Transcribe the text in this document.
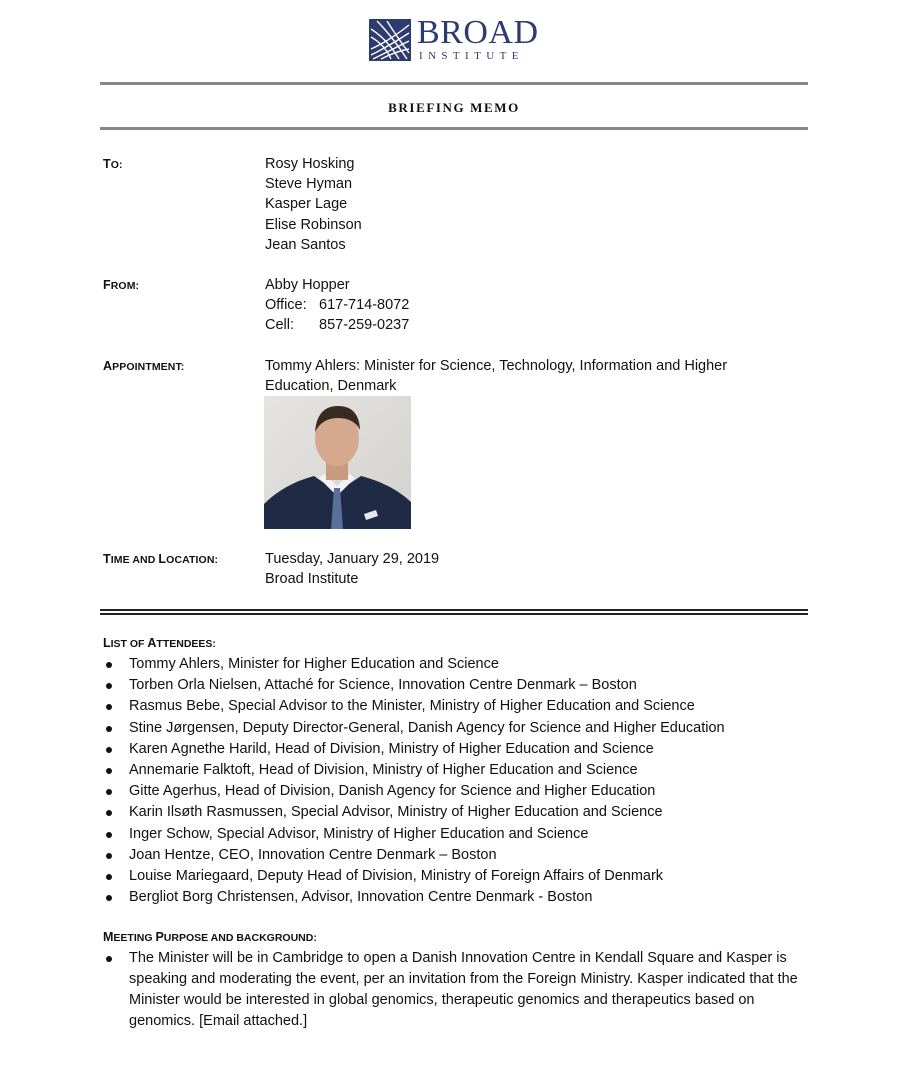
BROAD
INSTITUTE
BRIEFING MEMO
TO:	Rosy Hosking
Steve Hyman
Kasper Lage
Elise Robinson
Jean Santos
FROM:	Abby Hopper
Office: 617-714-8072
Cell: 857-259-0237
APPOINTMENT:	Tommy Ahlers: Minister for Science, Technology, Information and Higher
Education, Denmark
TIME AND LOCATION:	Tuesday, January 29, 2019
Broad Institute
LIST OF ATTENDEES:
Tommy Ahlers, Minister for Higher Education and Science
Torben Orla Nielsen, Attaché for Science, Innovation Centre Denmark – Boston
Rasmus Bebe, Special Advisor to the Minister, Ministry of Higher Education and Science
Stine Jørgensen, Deputy Director-General, Danish Agency for Science and Higher Education
Karen Agnethe Harild, Head of Division, Ministry of Higher Education and Science
Annemarie Falktoft, Head of Division, Ministry of Higher Education and Science
Gitte Agerhus, Head of Division, Danish Agency for Science and Higher Education
Karin Ilsøth Rasmussen, Special Advisor, Ministry of Higher Education and Science
Inger Schow, Special Advisor, Ministry of Higher Education and Science
Joan Hentze, CEO, Innovation Centre Denmark – Boston
Louise Mariegaard, Deputy Head of Division, Ministry of Foreign Affairs of Denmark
Bergliot Borg Christensen, Advisor, Innovation Centre Denmark - Boston
MEETING PURPOSE AND BACKGROUND:
The Minister will be in Cambridge to open a Danish Innovation Centre in Kendall Square and Kasper is speaking and moderating the event, per an invitation from the Foreign Ministry. Kasper indicated that the Minister would be interested in global genomics, therapeutic genomics and therapeutics based on genomics. [Email attached.]
